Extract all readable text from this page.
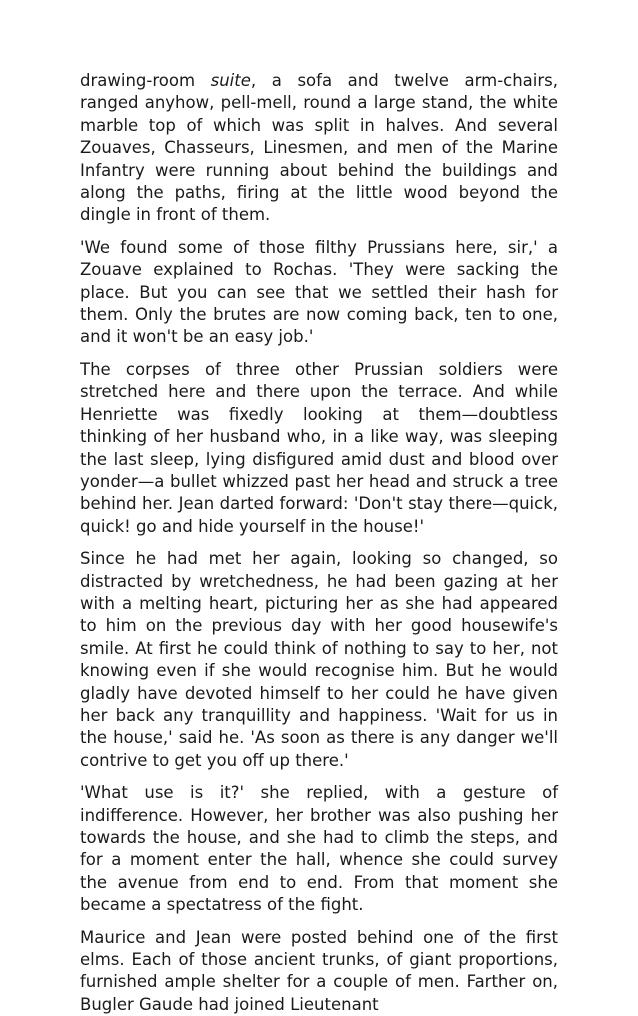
drawing-room suite, a sofa and twelve arm-chairs, ranged anyhow, pell-mell, round a large stand, the white marble top of which was split in halves. And several Zouaves, Chasseurs, Linesmen, and men of the Marine Infantry were running about behind the buildings and along the paths, firing at the little wood beyond the dingle in front of them.

'We found some of those filthy Prussians here, sir,' a Zouave explained to Rochas. 'They were sacking the place. But you can see that we settled their hash for them. Only the brutes are now coming back, ten to one, and it won't be an easy job.'

The corpses of three other Prussian soldiers were stretched here and there upon the terrace. And while Henriette was fixedly looking at them—doubtless thinking of her husband who, in a like way, was sleeping the last sleep, lying disfigured amid dust and blood over yonder—a bullet whizzed past her head and struck a tree behind her. Jean darted forward: 'Don't stay there—quick, quick! go and hide yourself in the house!'

Since he had met her again, looking so changed, so distracted by wretchedness, he had been gazing at her with a melting heart, picturing her as she had appeared to him on the previous day with her good housewife's smile. At first he could think of nothing to say to her, not knowing even if she would recognise him. But he would gladly have devoted himself to her could he have given her back any tranquillity and happiness. 'Wait for us in the house,' said he. 'As soon as there is any danger we'll contrive to get you off up there.'

'What use is it?' she replied, with a gesture of indifference. However, her brother was also pushing her towards the house, and she had to climb the steps, and for a moment enter the hall, whence she could survey the avenue from end to end. From that moment she became a spectatress of the fight.

Maurice and Jean were posted behind one of the first elms. Each of those ancient trunks, of giant proportions, furnished ample shelter for a couple of men. Farther on, Bugler Gaude had joined Lieutenant
